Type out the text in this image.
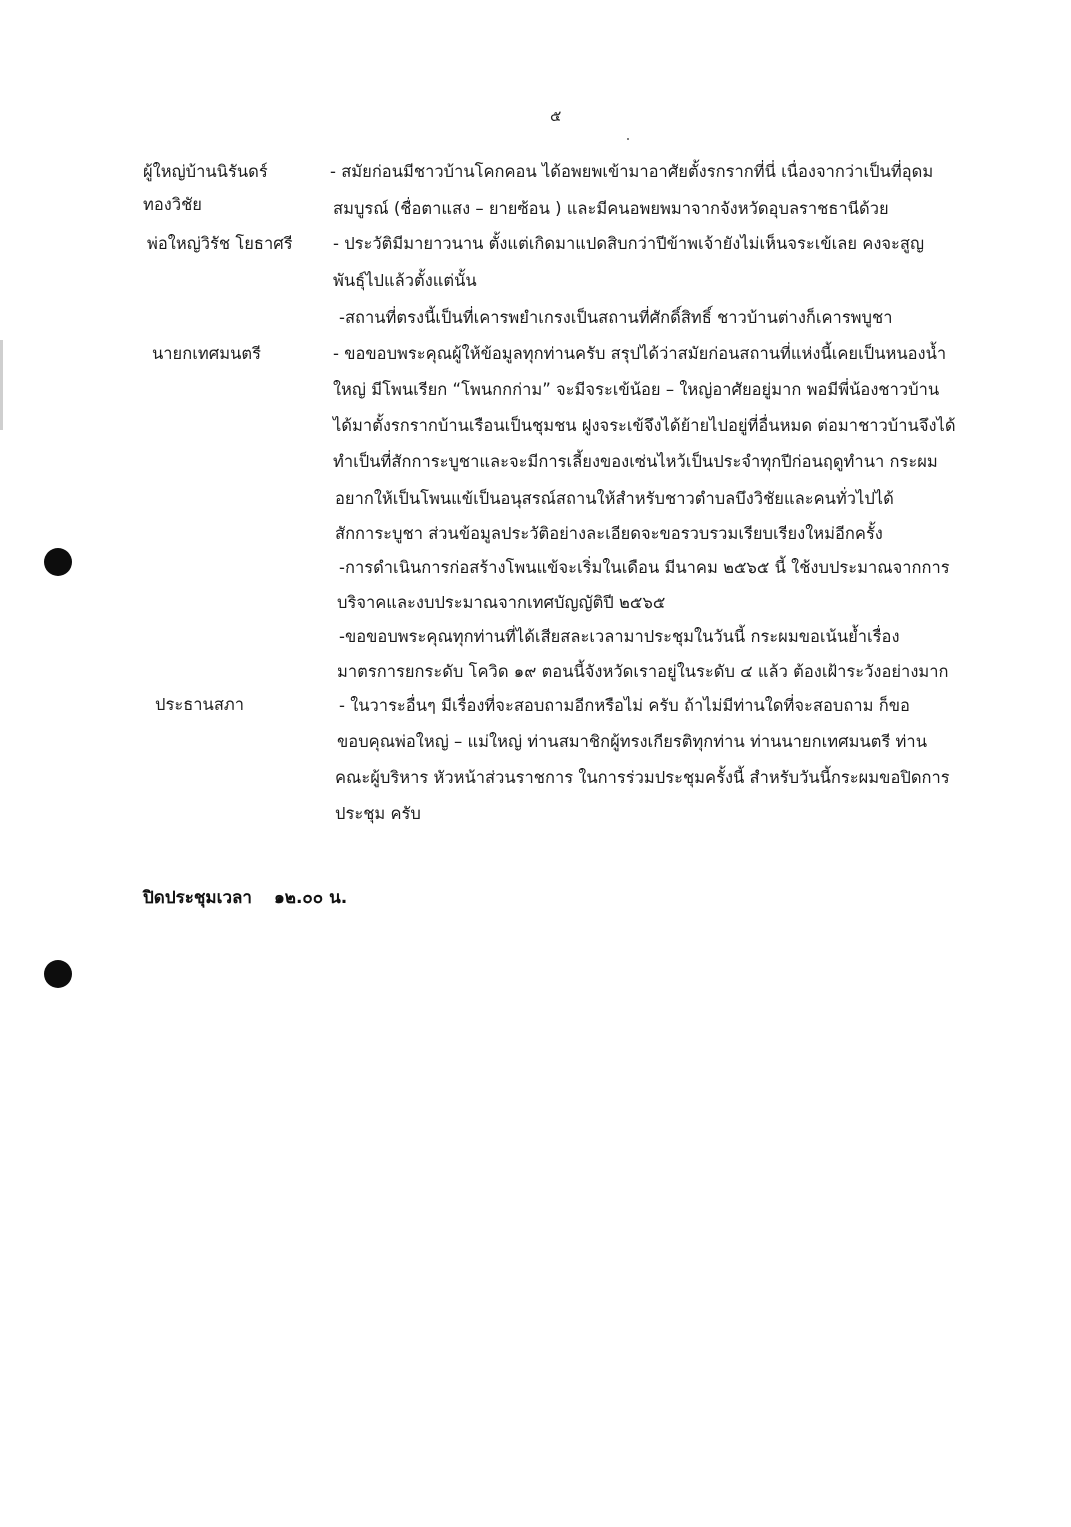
๕
ผู้ใหญ่บ้านนิรันดร์
ทองวิชัย
พ่อใหญ่วิรัช โยธาศรี
นายกเทศมนตรี
ประธานสภา
- สมัยก่อนมีชาวบ้านโคกคอน ได้อพยพเข้ามาอาศัยตั้งรกรากที่นี่ เนื่องจากว่าเป็นที่อุดม
สมบูรณ์ (ชื่อตาแสง – ยายซ้อน ) และมีคนอพยพมาจากจังหวัดอุบลราชธานีด้วย
- ประวัติมีมายาวนาน ตั้งแต่เกิดมาแปดสิบกว่าปีข้าพเจ้ายังไม่เห็นจระเข้เลย คงจะสูญ
พันธุ์ไปแล้วตั้งแต่นั้น
-สถานที่ตรงนี้เป็นที่เคารพยำเกรงเป็นสถานที่ศักดิ์สิทธิ์ ชาวบ้านต่างก็เคารพบูชา
- ขอขอบพระคุณผู้ให้ข้อมูลทุกท่านครับ สรุปได้ว่าสมัยก่อนสถานที่แห่งนี้เคยเป็นหนองน้ำ
ใหญ่ มีโพนเรียก “โพนกกก่าม” จะมีจระเข้น้อย – ใหญ่อาศัยอยู่มาก พอมีพี่น้องชาวบ้าน
ได้มาตั้งรกรากบ้านเรือนเป็นชุมชน ฝูงจระเข้จึงได้ย้ายไปอยู่ที่อื่นหมด ต่อมาชาวบ้านจึงได้
ทำเป็นที่สักการะบูชาและจะมีการเลี้ยงของเซ่นไหว้เป็นประจำทุกปีก่อนฤดูทำนา กระผม
อยากให้เป็นโพนแข้เป็นอนุสรณ์สถานให้สำหรับชาวตำบลบึงวิชัยและคนทั่วไปได้
สักการะบูชา ส่วนข้อมูลประวัติอย่างละเอียดจะขอรวบรวมเรียบเรียงใหม่อีกครั้ง
-การดำเนินการก่อสร้างโพนแข้จะเริ่มในเดือน มีนาคม ๒๕๖๕ นี้ ใช้งบประมาณจากการ
บริจาคและงบประมาณจากเทศบัญญัติปี ๒๕๖๕
-ขอขอบพระคุณทุกท่านที่ได้เสียสละเวลามาประชุมในวันนี้ กระผมขอเน้นย้ำเรื่อง
มาตรการยกระดับ โควิด ๑๙ ตอนนี้จังหวัดเราอยู่ในระดับ ๔ แล้ว ต้องเฝ้าระวังอย่างมาก
- ในวาระอื่นๆ มีเรื่องที่จะสอบถามอีกหรือไม่ ครับ ถ้าไม่มีท่านใดที่จะสอบถาม ก็ขอ
ขอบคุณพ่อใหญ่ – แม่ใหญ่ ท่านสมาชิกผู้ทรงเกียรติทุกท่าน ท่านนายกเทศมนตรี ท่าน
คณะผู้บริหาร หัวหน้าส่วนราชการ ในการร่วมประชุมครั้งนี้ สำหรับวันนี้กระผมขอปิดการ
ประชุม ครับ
ปิดประชุมเวลา ๑๒.๐๐ น.
